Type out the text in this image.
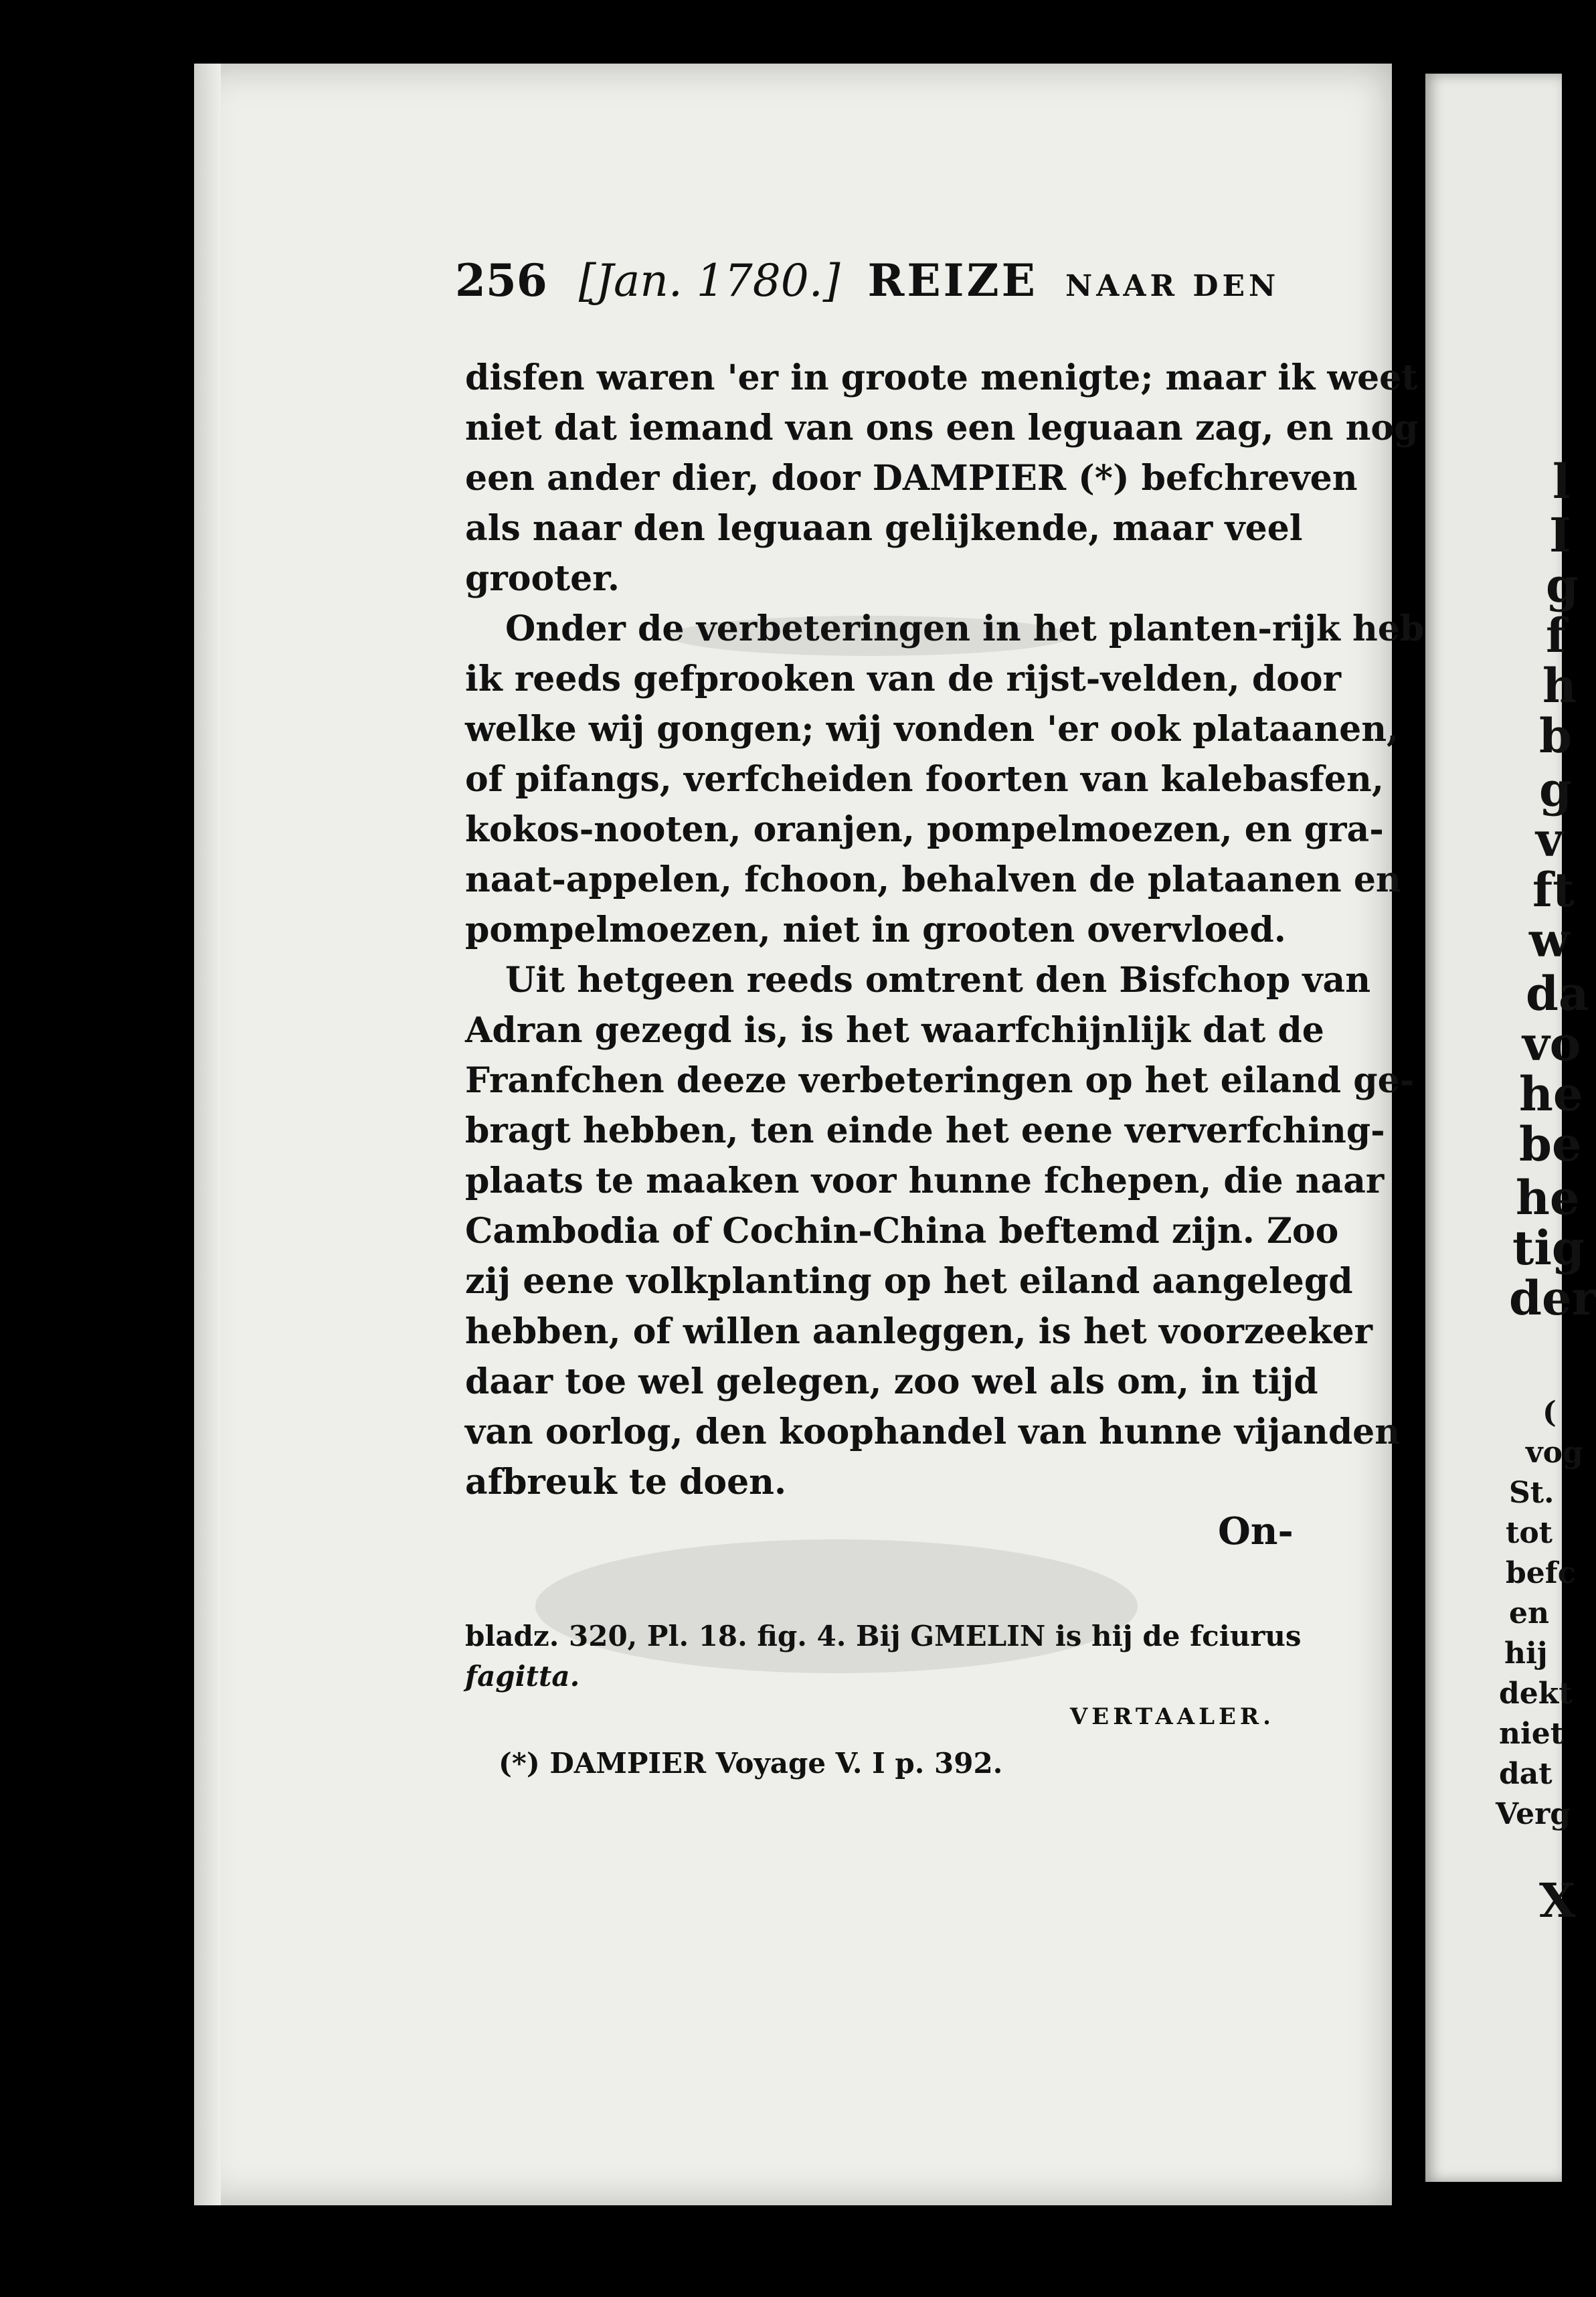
l
I
g
f
h
b
g
v
ft
w
da
vo
he
be
he
tig
der
(
vog
St.
tot
befc
en
hij
dekt
niet
dat
Verg
X
256 [Jan. 1780.] REIZE NAAR DEN
disfen waren 'er in groote menigte; maar ik weet
niet dat iemand van ons een leguaan zag, en nog
een ander dier, door DAMPIER (*) befchreven
als naar den leguaan gelijkende, maar veel
grooter.
Onder de verbeteringen in het planten-rijk heb
ik reeds gefprooken van de rijst-velden, door
welke wij gongen; wij vonden 'er ook plataanen,
of pifangs, verfcheiden foorten van kalebasfen,
kokos-nooten, oranjen, pompelmoezen, en gra-
naat-appelen, fchoon, behalven de plataanen en
pompelmoezen, niet in grooten overvloed.
Uit hetgeen reeds omtrent den Bisfchop van
Adran gezegd is, is het waarfchijnlijk dat de
Franfchen deeze verbeteringen op het eiland ge-
bragt hebben, ten einde het eene ververfching-
plaats te maaken voor hunne fchepen, die naar
Cambodia of Cochin-China beftemd zijn. Zoo
zij eene volkplanting op het eiland aangelegd
hebben, of willen aanleggen, is het voorzeeker
daar toe wel gelegen, zoo wel als om, in tijd
van oorlog, den koophandel van hunne vijanden
afbreuk te doen.
On-
bladz. 320, Pl. 18. fig. 4. Bij GMELIN is hij de fciurus
fagitta.
VERTAALER.
(*) DAMPIER Voyage V. I p. 392.
